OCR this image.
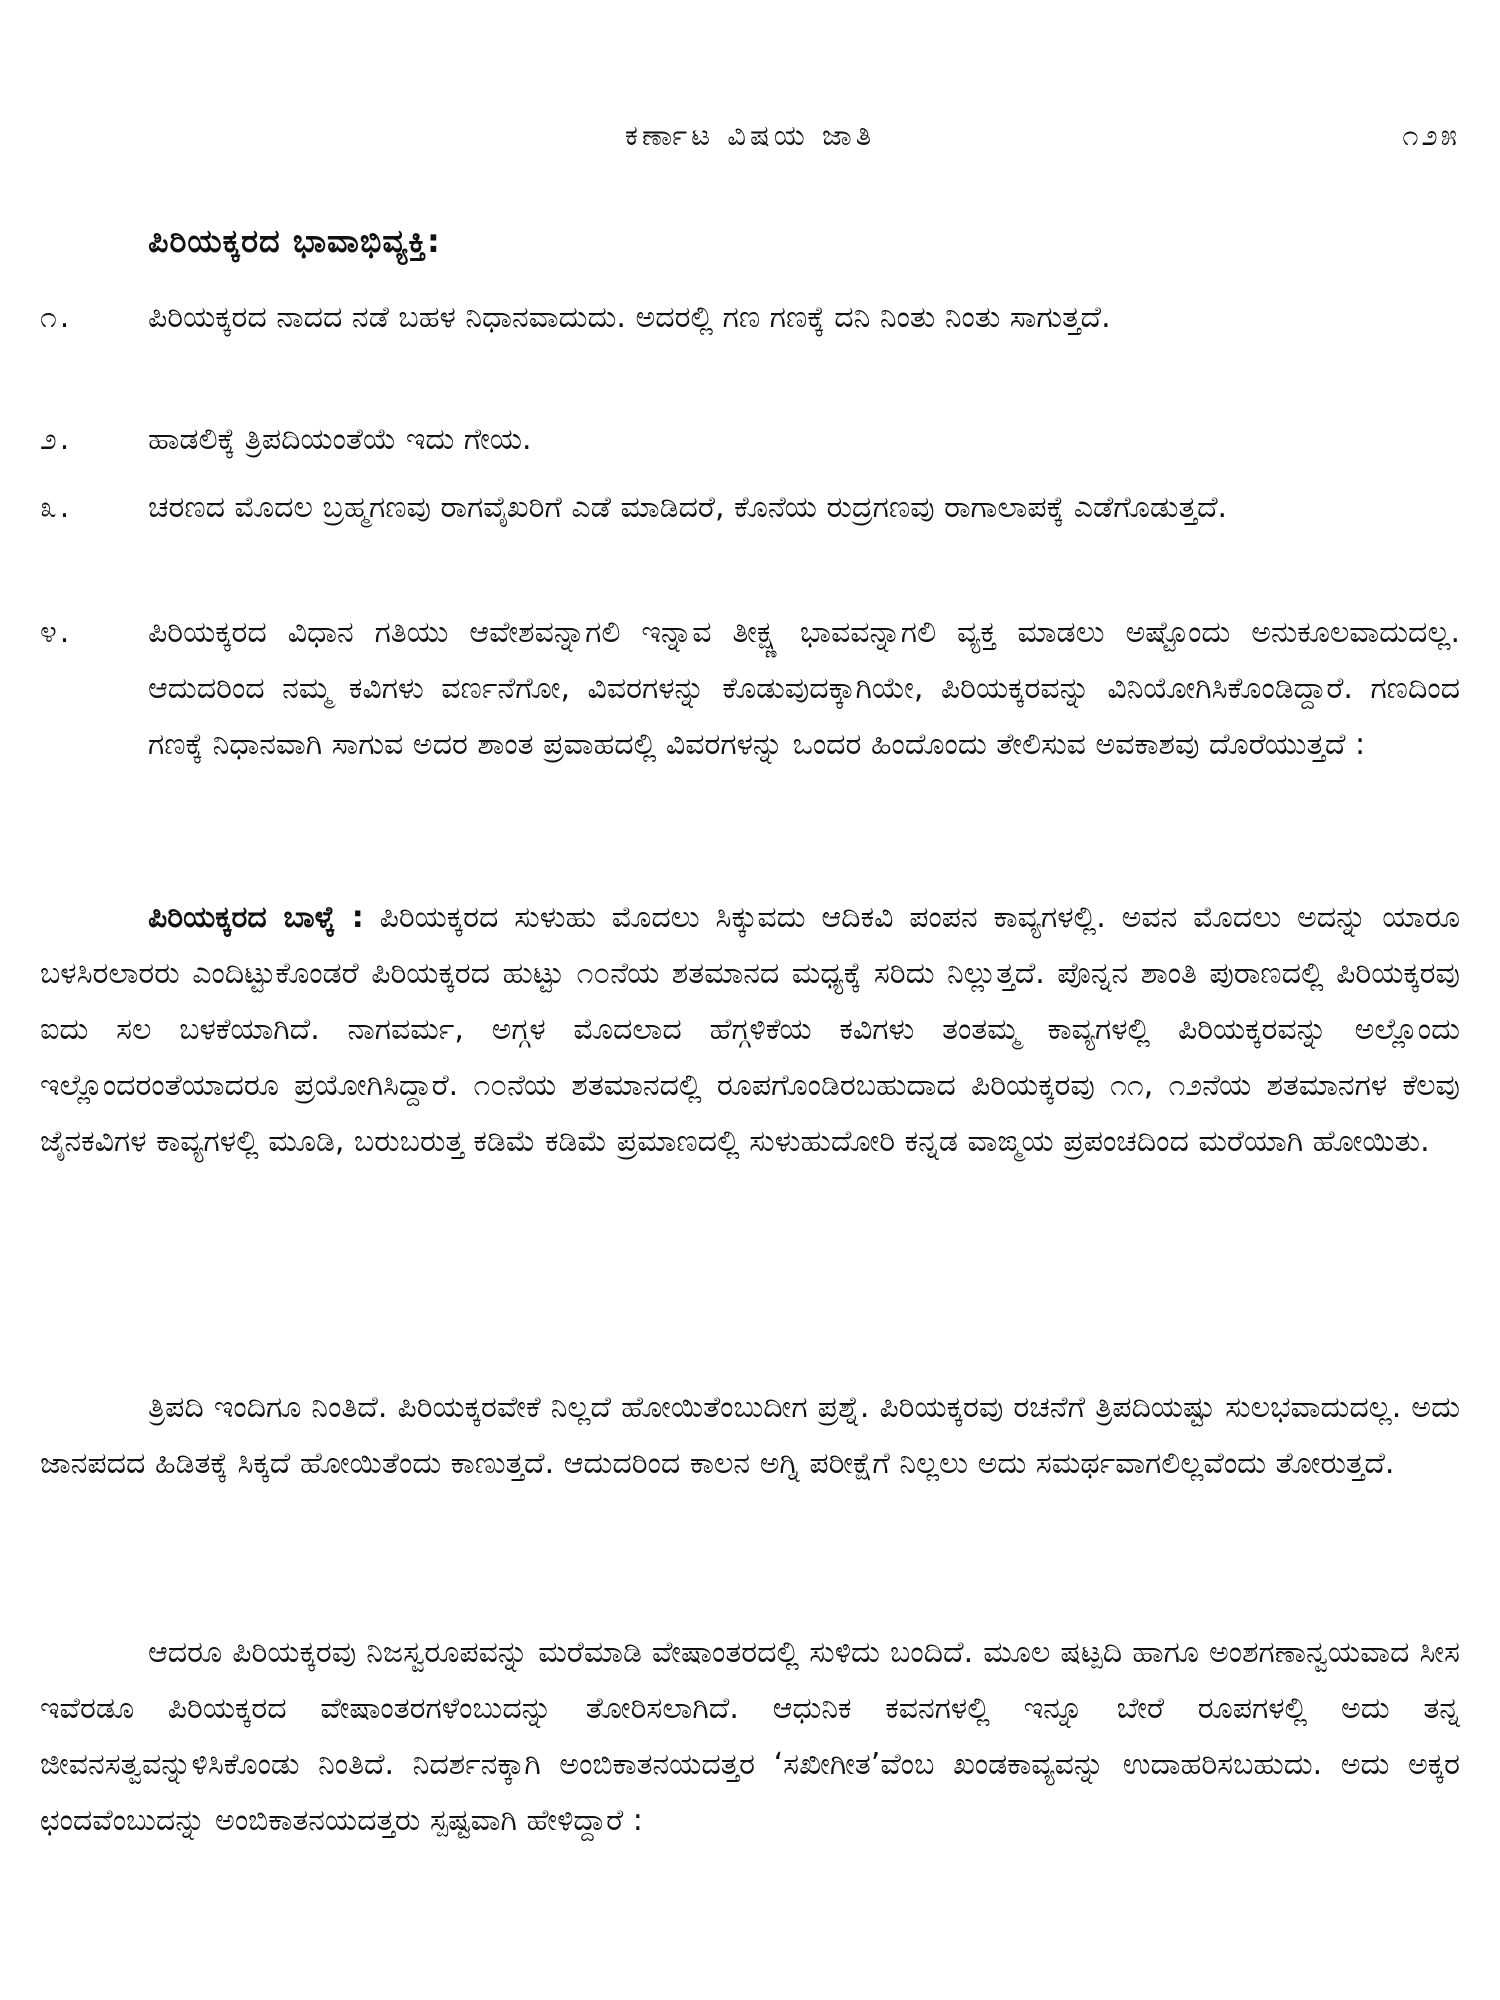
ಕರ್ಣಾಟ ವಿಷಯ ಜಾತಿ	೧೨೫
ಪಿರಿಯಕ್ಕರದ ಭಾವಾಭಿವ್ಯಕ್ತಿ:
೧.	ಪಿರಿಯಕ್ಕರದ ನಾದದ ನಡೆ ಬಹಳ ನಿಧಾನವಾದುದು. ಅದರಲ್ಲಿ ಗಣ ಗಣಕ್ಕೆ ದನಿ ನಿಂತು ನಿಂತು ಸಾಗುತ್ತದೆ.
೨.	ಹಾಡಲಿಕ್ಕೆ ತ್ರಿಪದಿಯಂತೆಯೆ ಇದು ಗೇಯ.
೩.	ಚರಣದ ಮೊದಲ ಬ್ರಹ್ಮಗಣವು ರಾಗವೈಖರಿಗೆ ಎಡೆ ಮಾಡಿದರೆ, ಕೊನೆಯ ರುದ್ರಗಣವು ರಾಗಾಲಾಪಕ್ಕೆ ಎಡೆಗೊಡುತ್ತದೆ.
೪.	ಪಿರಿಯಕ್ಕರದ ವಿಧಾನ ಗತಿಯು ಆವೇಶವನ್ನಾಗಲಿ ಇನ್ನಾವ ತೀಕ್ಷ್ಣ ಭಾವವನ್ನಾಗಲಿ ವ್ಯಕ್ತ ಮಾಡಲು ಅಷ್ಟೊಂದು ಅನುಕೂಲವಾದುದಲ್ಲ. ಆದುದರಿಂದ ನಮ್ಮ ಕವಿಗಳು ವರ್ಣನೆಗೋ, ವಿವರಗಳನ್ನು ಕೊಡುವುದಕ್ಕಾಗಿಯೇ, ಪಿರಿಯಕ್ಕರವನ್ನು ವಿನಿಯೋಗಿಸಿಕೊಂಡಿದ್ದಾರೆ. ಗಣದಿಂದ ಗಣಕ್ಕೆ ನಿಧಾನವಾಗಿ ಸಾಗುವ ಅದರ ಶಾಂತ ಪ್ರವಾಹದಲ್ಲಿ ವಿವರಗಳನ್ನು ಒಂದರ ಹಿಂದೊಂದು ತೇಲಿಸುವ ಅವಕಾಶವು ದೊರೆಯುತ್ತದೆ :
ಪಿರಿಯಕ್ಕರದ ಬಾಳ್ಕೆ : ಪಿರಿಯಕ್ಕರದ ಸುಳುಹು ಮೊದಲು ಸಿಕ್ಕುವದು ಆದಿಕವಿ ಪಂಪನ ಕಾವ್ಯಗಳಲ್ಲಿ. ಅವನ ಮೊದಲು ಅದನ್ನು ಯಾರೂ ಬಳಸಿರಲಾರರು ಎಂದಿಟ್ಟುಕೊಂಡರೆ ಪಿರಿಯಕ್ಕರದ ಹುಟ್ಟು ೧೦ನೆಯ ಶತಮಾನದ ಮಧ್ಯಕ್ಕೆ ಸರಿದು ನಿಲ್ಲುತ್ತದೆ. ಪೊನ್ನನ ಶಾಂತಿ ಪುರಾಣದಲ್ಲಿ ಪಿರಿಯಕ್ಕರವು ಐದು ಸಲ ಬಳಕೆಯಾಗಿದೆ. ನಾಗವರ್ಮ, ಅಗ್ಗಳ ಮೊದಲಾದ ಹೆಗ್ಗಳಿಕೆಯ ಕವಿಗಳು ತಂತಮ್ಮ ಕಾವ್ಯಗಳಲ್ಲಿ ಪಿರಿಯಕ್ಕರವನ್ನು ಅಲ್ಲೊಂದು ಇಲ್ಲೊಂದರಂತೆಯಾದರೂ ಪ್ರಯೋಗಿಸಿದ್ದಾರೆ. ೧೦ನೆಯ ಶತಮಾನದಲ್ಲಿ ರೂಪಗೊಂಡಿರಬಹುದಾದ ಪಿರಿಯಕ್ಕರವು ೧೧, ೧೨ನೆಯ ಶತಮಾನಗಳ ಕೆಲವು ಜೈನಕವಿಗಳ ಕಾವ್ಯಗಳಲ್ಲಿ ಮೂಡಿ, ಬರುಬರುತ್ತ ಕಡಿಮೆ ಕಡಿಮೆ ಪ್ರಮಾಣದಲ್ಲಿ ಸುಳುಹುದೋರಿ ಕನ್ನಡ ವಾಙ್ಮಯ ಪ್ರಪಂಚದಿಂದ ಮರೆಯಾಗಿ ಹೋಯಿತು.
ತ್ರಿಪದಿ ಇಂದಿಗೂ ನಿಂತಿದೆ. ಪಿರಿಯಕ್ಕರವೇಕೆ ನಿಲ್ಲದೆ ಹೋಯಿತೆಂಬುದೀಗ ಪ್ರಶ್ನೆ. ಪಿರಿಯಕ್ಕರವು ರಚನೆಗೆ ತ್ರಿಪದಿಯಷ್ಟು ಸುಲಭವಾದುದಲ್ಲ. ಅದು ಜಾನಪದದ ಹಿಡಿತಕ್ಕೆ ಸಿಕ್ಕದೆ ಹೋಯಿತೆಂದು ಕಾಣುತ್ತದೆ. ಆದುದರಿಂದ ಕಾಲನ ಅಗ್ನಿ ಪರೀಕ್ಷೆಗೆ ನಿಲ್ಲಲು ಅದು ಸಮರ್ಥವಾಗಲಿಲ್ಲವೆಂದು ತೋರುತ್ತದೆ.
ಆದರೂ ಪಿರಿಯಕ್ಕರವು ನಿಜಸ್ವರೂಪವನ್ನು ಮರೆಮಾಡಿ ವೇಷಾಂತರದಲ್ಲಿ ಸುಳಿದು ಬಂದಿದೆ. ಮೂಲ ಷಟ್ಪದಿ ಹಾಗೂ ಅಂಶಗಣಾನ್ವಯವಾದ ಸೀಸ ಇವೆರಡೂ ಪಿರಿಯಕ್ಕರದ ವೇಷಾಂತರಗಳೆಂಬುದನ್ನು ತೋರಿಸಲಾಗಿದೆ. ಆಧುನಿಕ ಕವನಗಳಲ್ಲಿ ಇನ್ನೂ ಬೇರೆ ರೂಪಗಳಲ್ಲಿ ಅದು ತನ್ನ ಜೀವನಸತ್ವವನ್ನುಳಿಸಿಕೊಂಡು ನಿಂತಿದೆ. ನಿದರ್ಶನಕ್ಕಾಗಿ ಅಂಬಿಕಾತನಯದತ್ತರ ‘ಸಖೀಗೀತ’ವೆಂಬ ಖಂಡಕಾವ್ಯವನ್ನು ಉದಾಹರಿಸಬಹುದು. ಅದು ಅಕ್ಕರ ಛಂದವೆಂಬುದನ್ನು ಅಂಬಿಕಾತನಯದತ್ತರು ಸ್ಪಷ್ಟವಾಗಿ ಹೇಳಿದ್ದಾರೆ :
